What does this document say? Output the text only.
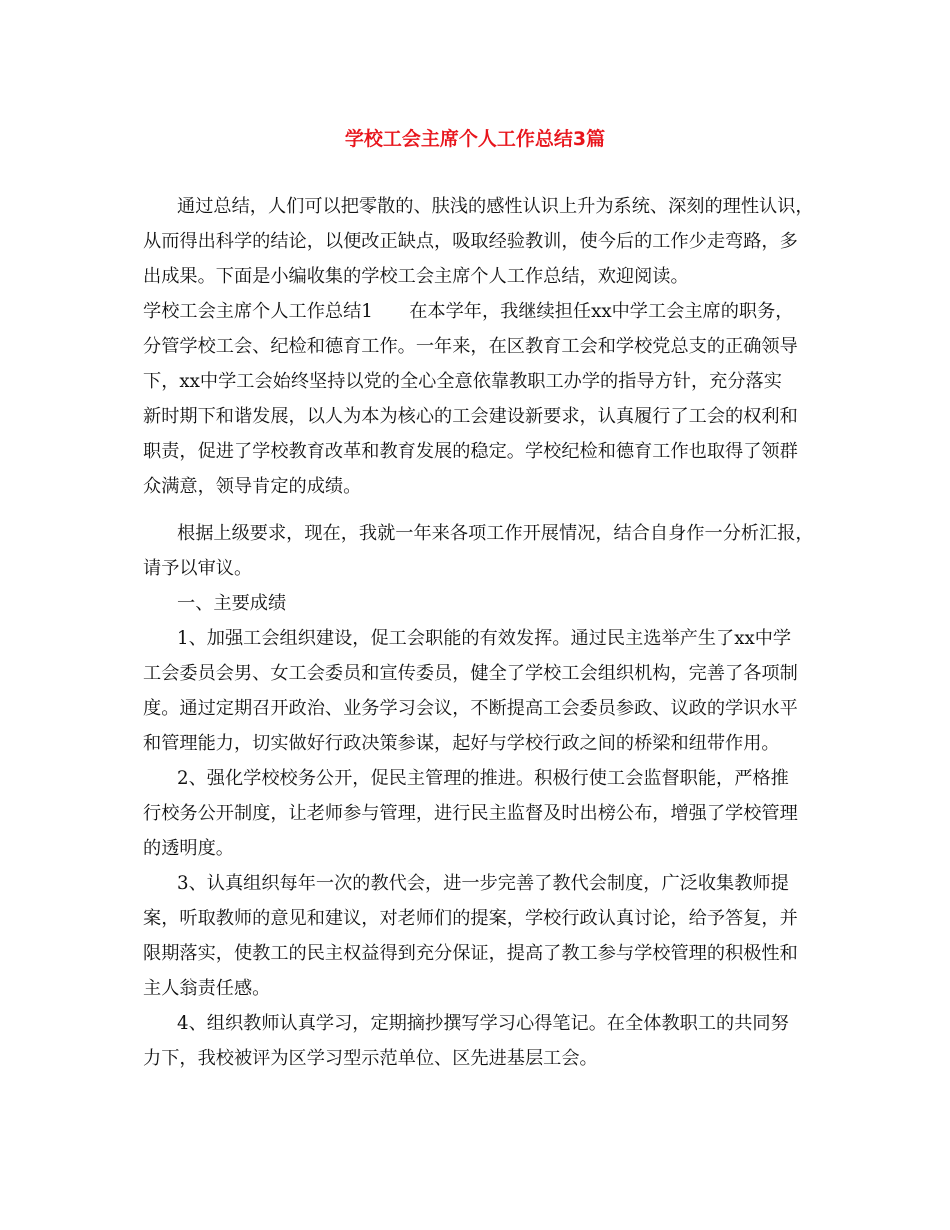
学校工会主席个人工作总结3篇

通过总结，人们可以把零散的、肤浅的感性认识上升为系统、深刻的理性认识，

从而得出科学的结论，以便改正缺点，吸取经验教训，使今后的工作少走弯路，多

出成果。下面是小编收集的学校工会主席个人工作总结，欢迎阅读。

学校工会主席个人工作总结1　　在本学年，我继续担任xx中学工会主席的职务，

分管学校工会、纪检和德育工作。一年来，在区教育工会和学校党总支的正确领导

下，xx中学工会始终坚持以党的全心全意依靠教职工办学的指导方针，充分落实

新时期下和谐发展，以人为本为核心的工会建设新要求，认真履行了工会的权利和

职责，促进了学校教育改革和教育发展的稳定。学校纪检和德育工作也取得了领群

众满意，领导肯定的成绩。

根据上级要求，现在，我就一年来各项工作开展情况，结合自身作一分析汇报，

请予以审议。

一、主要成绩

1、加强工会组织建设，促工会职能的有效发挥。通过民主选举产生了xx中学

工会委员会男、女工会委员和宣传委员，健全了学校工会组织机构，完善了各项制

度。通过定期召开政治、业务学习会议，不断提高工会委员参政、议政的学识水平

和管理能力，切实做好行政决策参谋，起好与学校行政之间的桥梁和纽带作用。

2、强化学校校务公开，促民主管理的推进。积极行使工会监督职能，严格推

行校务公开制度，让老师参与管理，进行民主监督及时出榜公布，增强了学校管理

的透明度。

3、认真组织每年一次的教代会，进一步完善了教代会制度，广泛收集教师提

案，听取教师的意见和建议，对老师们的提案，学校行政认真讨论，给予答复，并

限期落实，使教工的民主权益得到充分保证，提高了教工参与学校管理的积极性和

主人翁责任感。

4、组织教师认真学习，定期摘抄撰写学习心得笔记。在全体教职工的共同努

力下，我校被评为区学习型示范单位、区先进基层工会。
